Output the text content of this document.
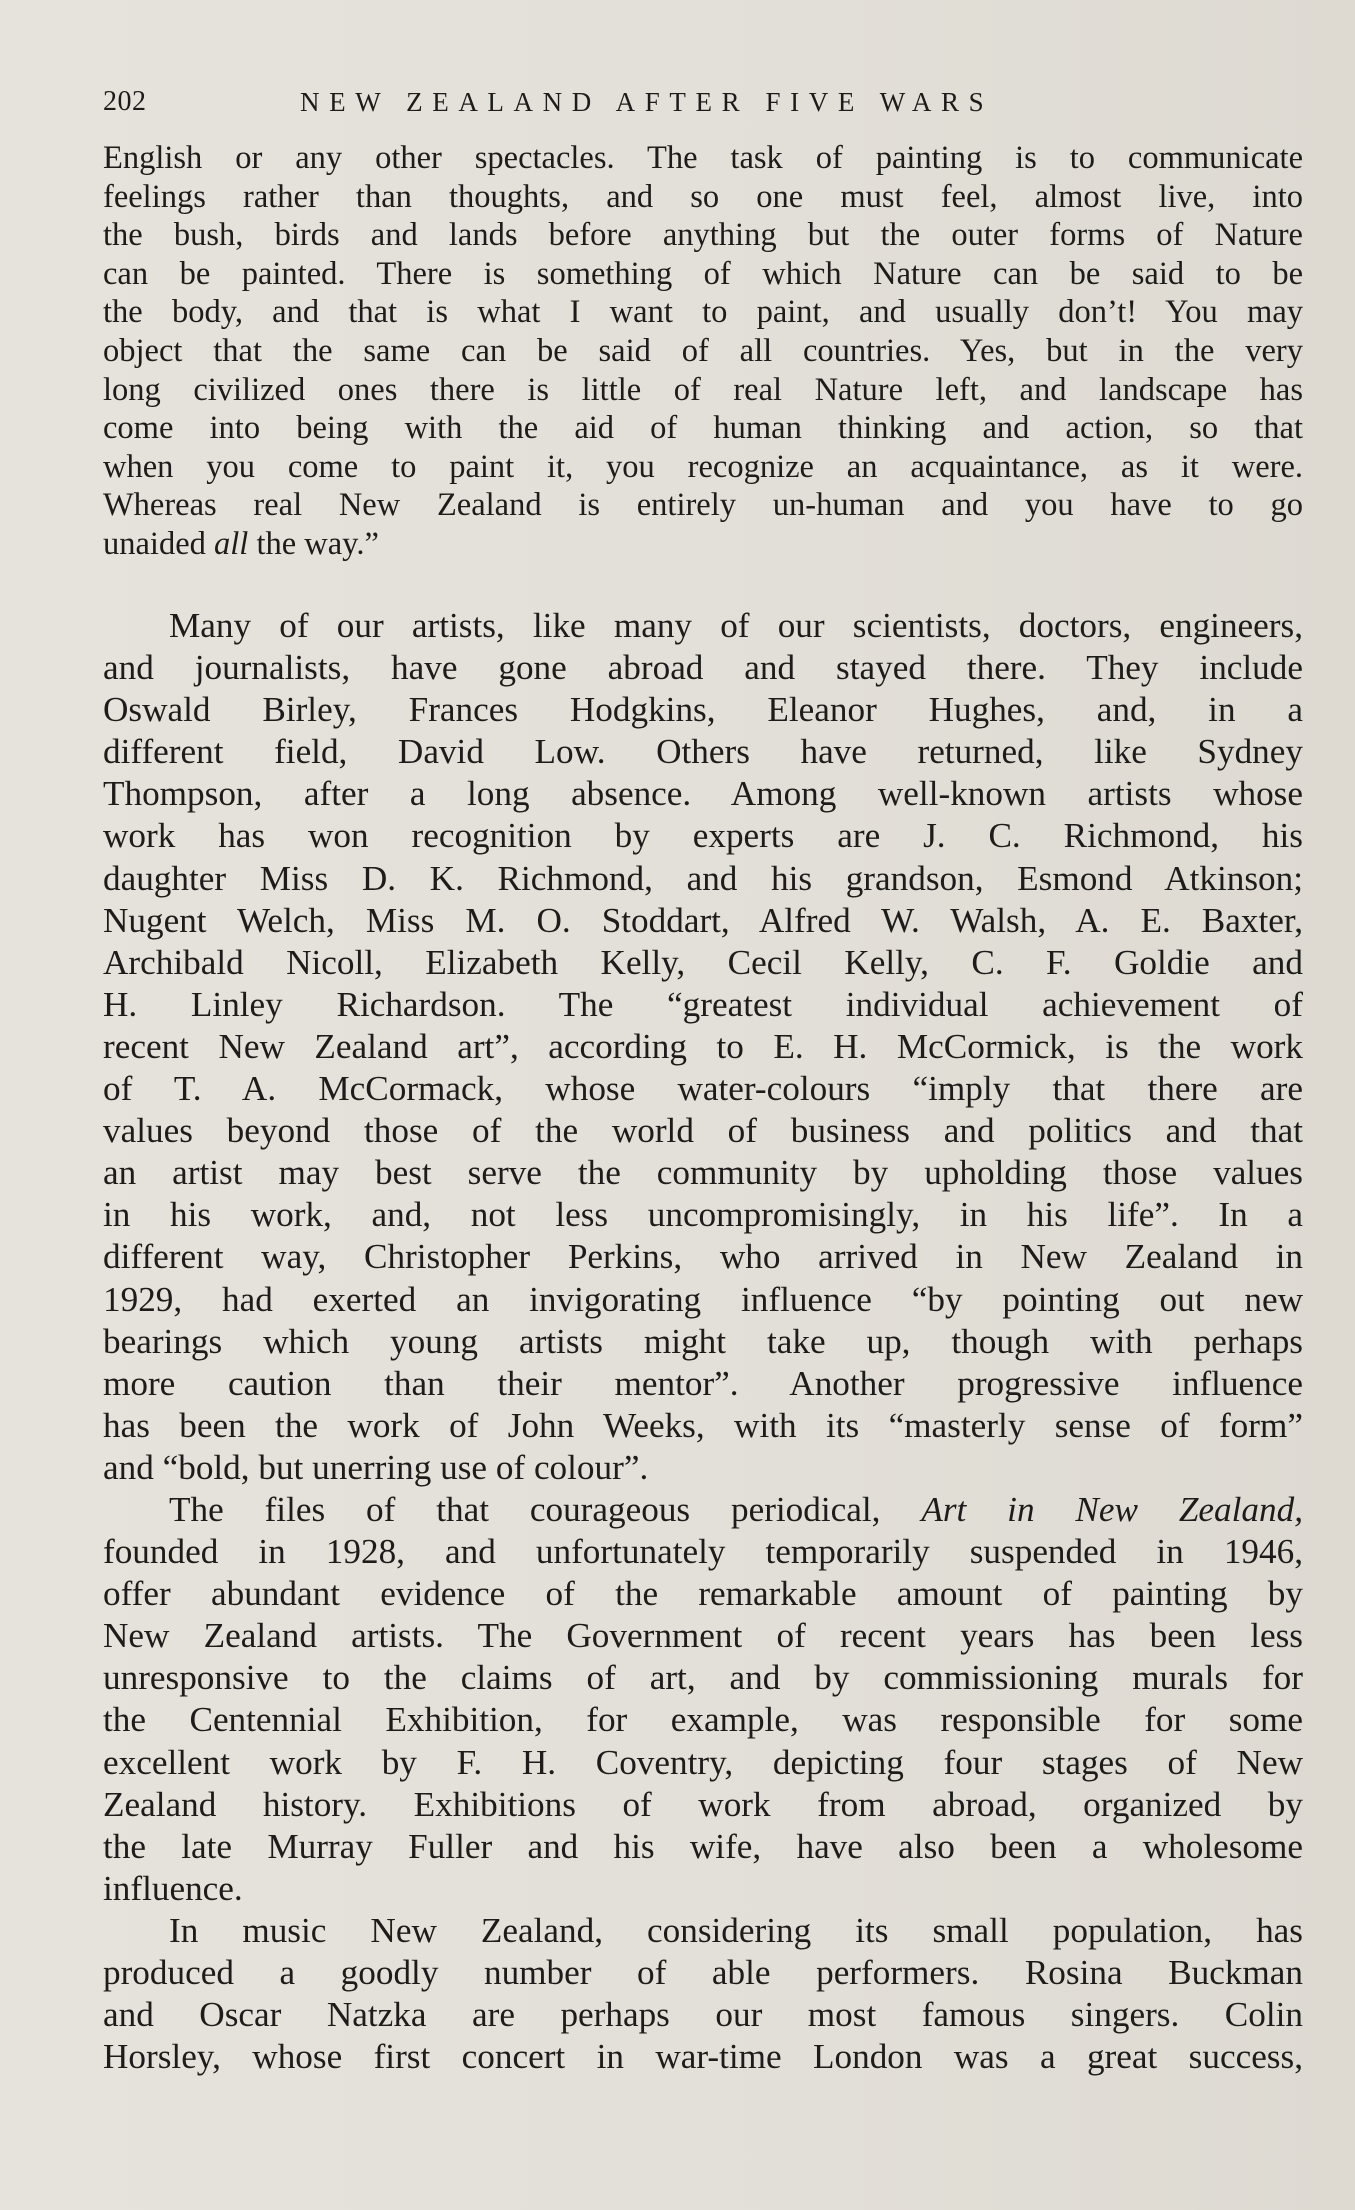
202	NEW ZEALAND AFTER FIVE WARS
English or any other spectacles. The task of painting is to communicate
feelings rather than thoughts, and so one must feel, almost live, into
the bush, birds and lands before anything but the outer forms of Nature
can be painted. There is something of which Nature can be said to be
the body, and that is what I want to paint, and usually don’t! You may
object that the same can be said of all countries. Yes, but in the very
long civilized ones there is little of real Nature left, and landscape has
come into being with the aid of human thinking and action, so that
when you come to paint it, you recognize an acquaintance, as it were.
Whereas real New Zealand is entirely un-human and you have to go
unaided all the way.”
Many of our artists, like many of our scientists, doctors, engineers,
and journalists, have gone abroad and stayed there. They include
Oswald Birley, Frances Hodgkins, Eleanor Hughes, and, in a
different field, David Low. Others have returned, like Sydney
Thompson, after a long absence. Among well-known artists whose
work has won recognition by experts are J. C. Richmond, his
daughter Miss D. K. Richmond, and his grandson, Esmond Atkinson;
Nugent Welch, Miss M. O. Stoddart, Alfred W. Walsh, A. E. Baxter,
Archibald Nicoll, Elizabeth Kelly, Cecil Kelly, C. F. Goldie and
H. Linley Richardson. The “greatest individual achievement of
recent New Zealand art”, according to E. H. McCormick, is the work
of T. A. McCormack, whose water-colours “imply that there are
values beyond those of the world of business and politics and that
an artist may best serve the community by upholding those values
in his work, and, not less uncompromisingly, in his life”. In a
different way, Christopher Perkins, who arrived in New Zealand in
1929, had exerted an invigorating influence “by pointing out new
bearings which young artists might take up, though with perhaps
more caution than their mentor”. Another progressive influence
has been the work of John Weeks, with its “masterly sense of form”
and “bold, but unerring use of colour”.
The files of that courageous periodical, Art in New Zealand,
founded in 1928, and unfortunately temporarily suspended in 1946,
offer abundant evidence of the remarkable amount of painting by
New Zealand artists. The Government of recent years has been less
unresponsive to the claims of art, and by commissioning murals for
the Centennial Exhibition, for example, was responsible for some
excellent work by F. H. Coventry, depicting four stages of New
Zealand history. Exhibitions of work from abroad, organized by
the late Murray Fuller and his wife, have also been a wholesome
influence.
In music New Zealand, considering its small population, has
produced a goodly number of able performers. Rosina Buckman
and Oscar Natzka are perhaps our most famous singers. Colin
Horsley, whose first concert in war-time London was a great success,
